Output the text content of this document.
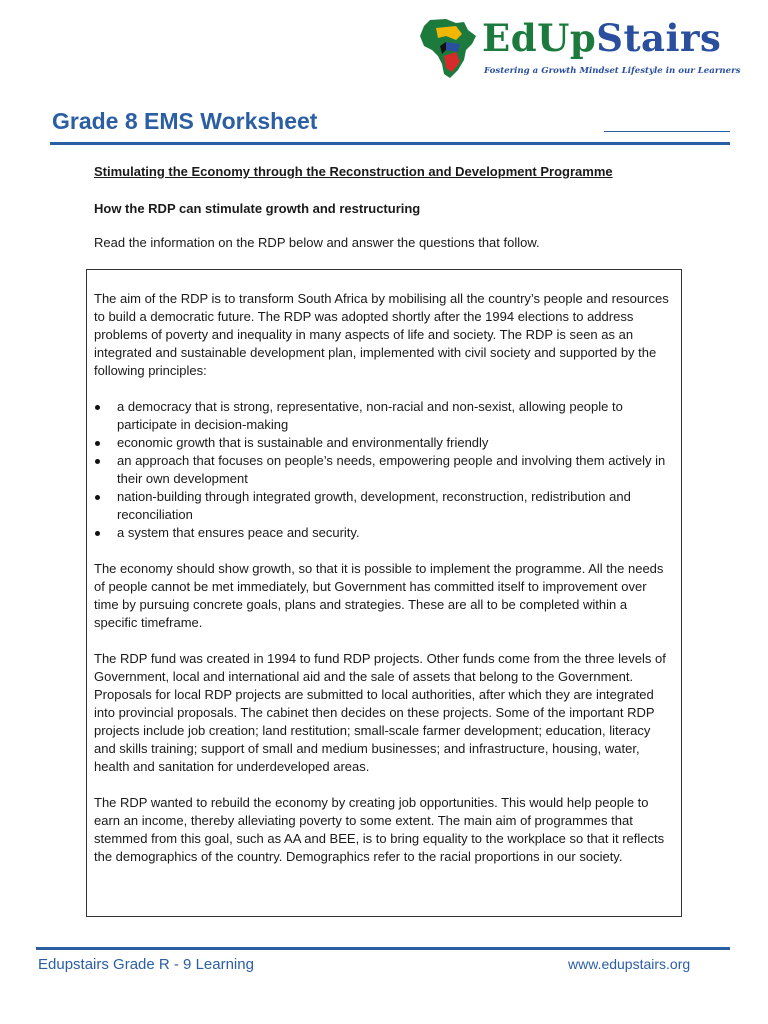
EdUpStairs
Fostering a Growth Mindset Lifestyle in our Learners
Grade 8 EMS Worksheet
Stimulating the Economy through the Reconstruction and Development Programme
How the RDP can stimulate growth and restructuring
Read the information on the RDP below and answer the questions that follow.

The aim of the RDP is to transform South Africa by mobilising all the country’s people and resources to build a democratic future. The RDP was adopted shortly after the 1994 elections to address problems of poverty and inequality in many aspects of life and society. The RDP is seen as an integrated and sustainable development plan, implemented with civil society and supported by the following principles:

a democracy that is strong, representative, non-racial and non-sexist, allowing people to participate in decision-making
economic growth that is sustainable and environmentally friendly
an approach that focuses on people’s needs, empowering people and involving them actively in their own development
nation-building through integrated growth, development, reconstruction, redistribution and reconciliation
a system that ensures peace and security.

The economy should show growth, so that it is possible to implement the programme. All the needs of people cannot be met immediately, but Government has committed itself to improvement over time by pursuing concrete goals, plans and strategies. These are all to be completed within a specific timeframe.

The RDP fund was created in 1994 to fund RDP projects. Other funds come from the three levels of Government, local and international aid and the sale of assets that belong to the Government. Proposals for local RDP projects are submitted to local authorities, after which they are integrated into provincial proposals. The cabinet then decides on these projects. Some of the important RDP projects include job creation; land restitution; small-scale farmer development; education, literacy and skills training; support of small and medium businesses; and infrastructure, housing, water, health and sanitation for underdeveloped areas.

The RDP wanted to rebuild the economy by creating job opportunities. This would help people to earn an income, thereby alleviating poverty to some extent. The main aim of programmes that stemmed from this goal, such as AA and BEE, is to bring equality to the workplace so that it reflects the demographics of the country. Demographics refer to the racial proportions in our society.

Edupstairs Grade R - 9 Learning	www.edupstairs.org
